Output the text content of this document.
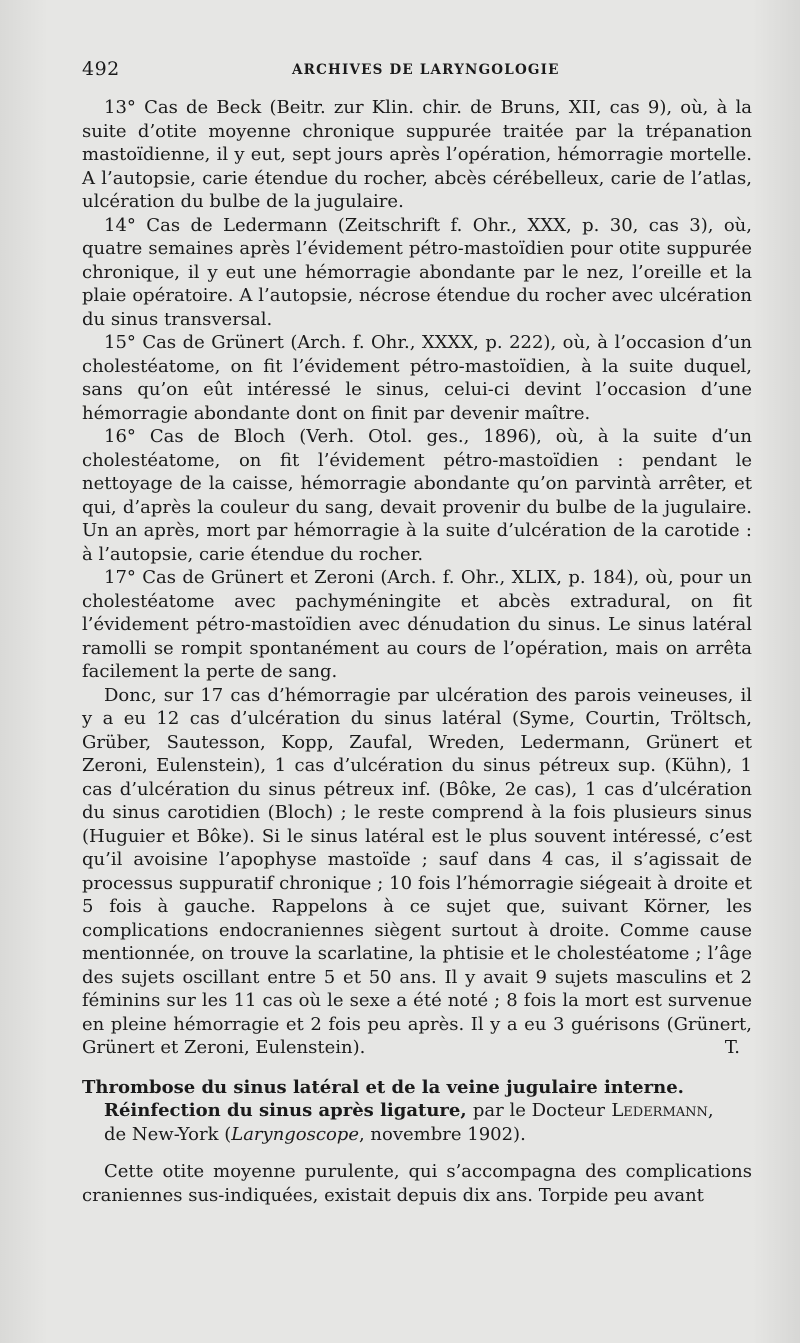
492	ARCHIVES DE LARYNGOLOGIE

13° Cas de Beck (Beitr. zur Klin. chir. de Bruns, XII, cas 9), où, à la suite d’otite moyenne chronique suppurée traitée par la trépanation mastoïdienne, il y eut, sept jours après l’opération, hémorragie mortelle. A l’autopsie, carie étendue du rocher, abcès cérébelleux, carie de l’atlas, ulcération du bulbe de la jugulaire.

14° Cas de Ledermann (Zeitschrift f. Ohr., XXX, p. 30, cas 3), où, quatre semaines après l’évidement pétro-mastoïdien pour otite suppurée chronique, il y eut une hémorragie abondante par le nez, l’oreille et la plaie opératoire. A l’autopsie, nécrose étendue du rocher avec ulcération du sinus transversal.

15° Cas de Grünert (Arch. f. Ohr., XXXX, p. 222), où, à l’occasion d’un cholestéatome, on fit l’évidement pétro-mastoïdien, à la suite duquel, sans qu’on eût intéressé le sinus, celui-ci devint l’occasion d’une hémorragie abondante dont on finit par devenir maître.

16° Cas de Bloch (Verh. Otol. ges., 1896), où, à la suite d’un cholestéatome, on fit l’évidement pétro-mastoïdien : pendant le nettoyage de la caisse, hémorragie abondante qu’on parvintà arrêter, et qui, d’après la couleur du sang, devait provenir du bulbe de la jugulaire. Un an après, mort par hémorragie à la suite d’ulcération de la carotide : à l’autopsie, carie étendue du rocher.

17° Cas de Grünert et Zeroni (Arch. f. Ohr., XLIX, p. 184), où, pour un cholestéatome avec pachyméningite et abcès extradural, on fit l’évidement pétro-mastoïdien avec dénudation du sinus. Le sinus latéral ramolli se rompit spontanément au cours de l’opération, mais on arrêta facilement la perte de sang.

Donc, sur 17 cas d’hémorragie par ulcération des parois veineuses, il y a eu 12 cas d’ulcération du sinus latéral (Syme, Courtin, Tröltsch, Grüber, Sautesson, Kopp, Zaufal, Wreden, Ledermann, Grünert et Zeroni, Eulenstein), 1 cas d’ulcération du sinus pétreux sup. (Kühn), 1 cas d’ulcération du sinus pétreux inf. (Bôke, 2e cas), 1 cas d’ulcération du sinus carotidien (Bloch) ; le reste comprend à la fois plusieurs sinus (Huguier et Bôke). Si le sinus latéral est le plus souvent intéressé, c’est qu’il avoisine l’apophyse mastoïde ; sauf dans 4 cas, il s’agissait de processus suppuratif chronique ; 10 fois l’hémorragie siégeait à droite et 5 fois à gauche. Rappelons à ce sujet que, suivant Körner, les complications endocraniennes siègent surtout à droite. Comme cause mentionnée, on trouve la scarlatine, la phtisie et le cholestéatome ; l’âge des sujets oscillant entre 5 et 50 ans. Il y avait 9 sujets masculins et 2 féminins sur les 11 cas où le sexe a été noté ; 8 fois la mort est survenue en pleine hémorragie et 2 fois peu après. Il y a eu 3 guérisons (Grünert, Grünert et Zeroni, Eulenstein).	T.

Thrombose du sinus latéral et de la veine jugulaire interne.

Réinfection du sinus après ligature, par le Docteur Ledermann,

de New-York (Laryngoscope, novembre 1902).

Cette otite moyenne purulente, qui s’accompagna des complications craniennes sus-indiquées, existait depuis dix ans. Torpide peu avant
